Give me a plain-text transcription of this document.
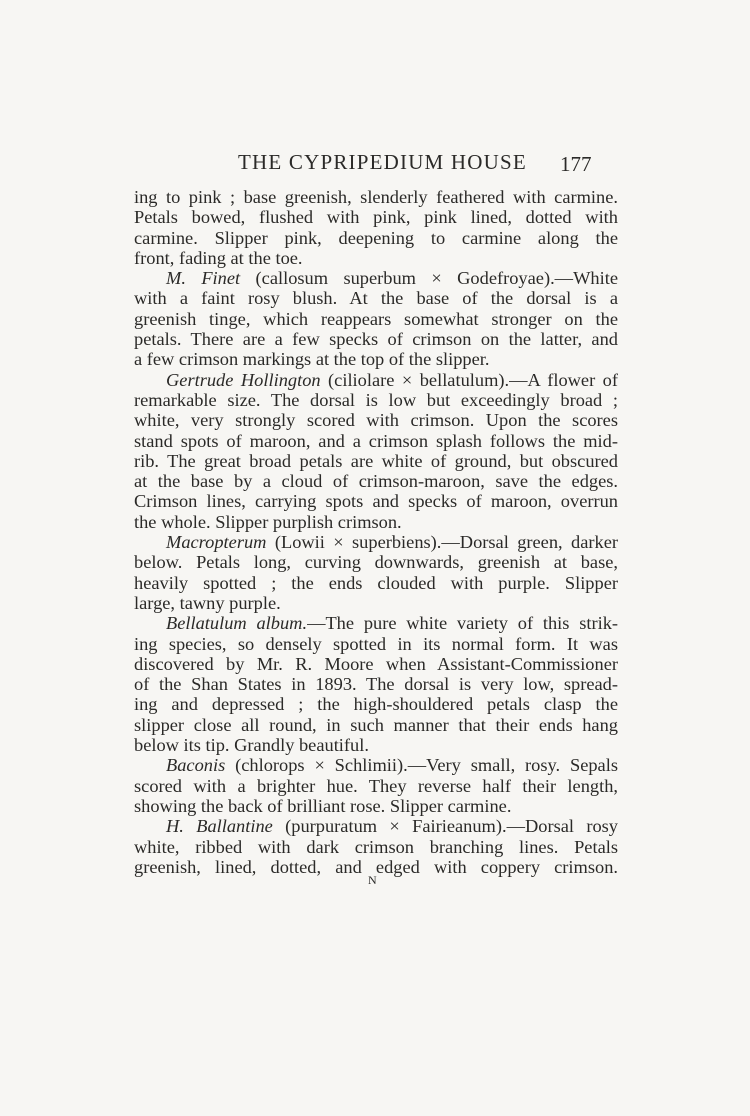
THE CYPRIPEDIUM HOUSE 177
ing to pink ; base greenish, slenderly feathered with carmine.
Petals bowed, flushed with pink, pink lined, dotted with
carmine. Slipper pink, deepening to carmine along the
front, fading at the toe.
M. Finet (callosum superbum × Godefroyae).—White
with a faint rosy blush. At the base of the dorsal is a
greenish tinge, which reappears somewhat stronger on the
petals. There are a few specks of crimson on the latter, and
a few crimson markings at the top of the slipper.
Gertrude Hollington (ciliolare × bellatulum).—A flower of
remarkable size. The dorsal is low but exceedingly broad ;
white, very strongly scored with crimson. Upon the scores
stand spots of maroon, and a crimson splash follows the mid-
rib. The great broad petals are white of ground, but obscured
at the base by a cloud of crimson-maroon, save the edges.
Crimson lines, carrying spots and specks of maroon, overrun
the whole. Slipper purplish crimson.
Macropterum (Lowii × superbiens).—Dorsal green, darker
below. Petals long, curving downwards, greenish at base,
heavily spotted ; the ends clouded with purple. Slipper
large, tawny purple.
Bellatulum album.—The pure white variety of this strik-
ing species, so densely spotted in its normal form. It was
discovered by Mr. R. Moore when Assistant-Commissioner
of the Shan States in 1893. The dorsal is very low, spread-
ing and depressed ; the high-shouldered petals clasp the
slipper close all round, in such manner that their ends hang
below its tip. Grandly beautiful.
Baconis (chlorops × Schlimii).—Very small, rosy. Sepals
scored with a brighter hue. They reverse half their length,
showing the back of brilliant rose. Slipper carmine.
H. Ballantine (purpuratum × Fairieanum).—Dorsal rosy
white, ribbed with dark crimson branching lines. Petals
greenish, lined, dotted, and edged with coppery crimson.
N
